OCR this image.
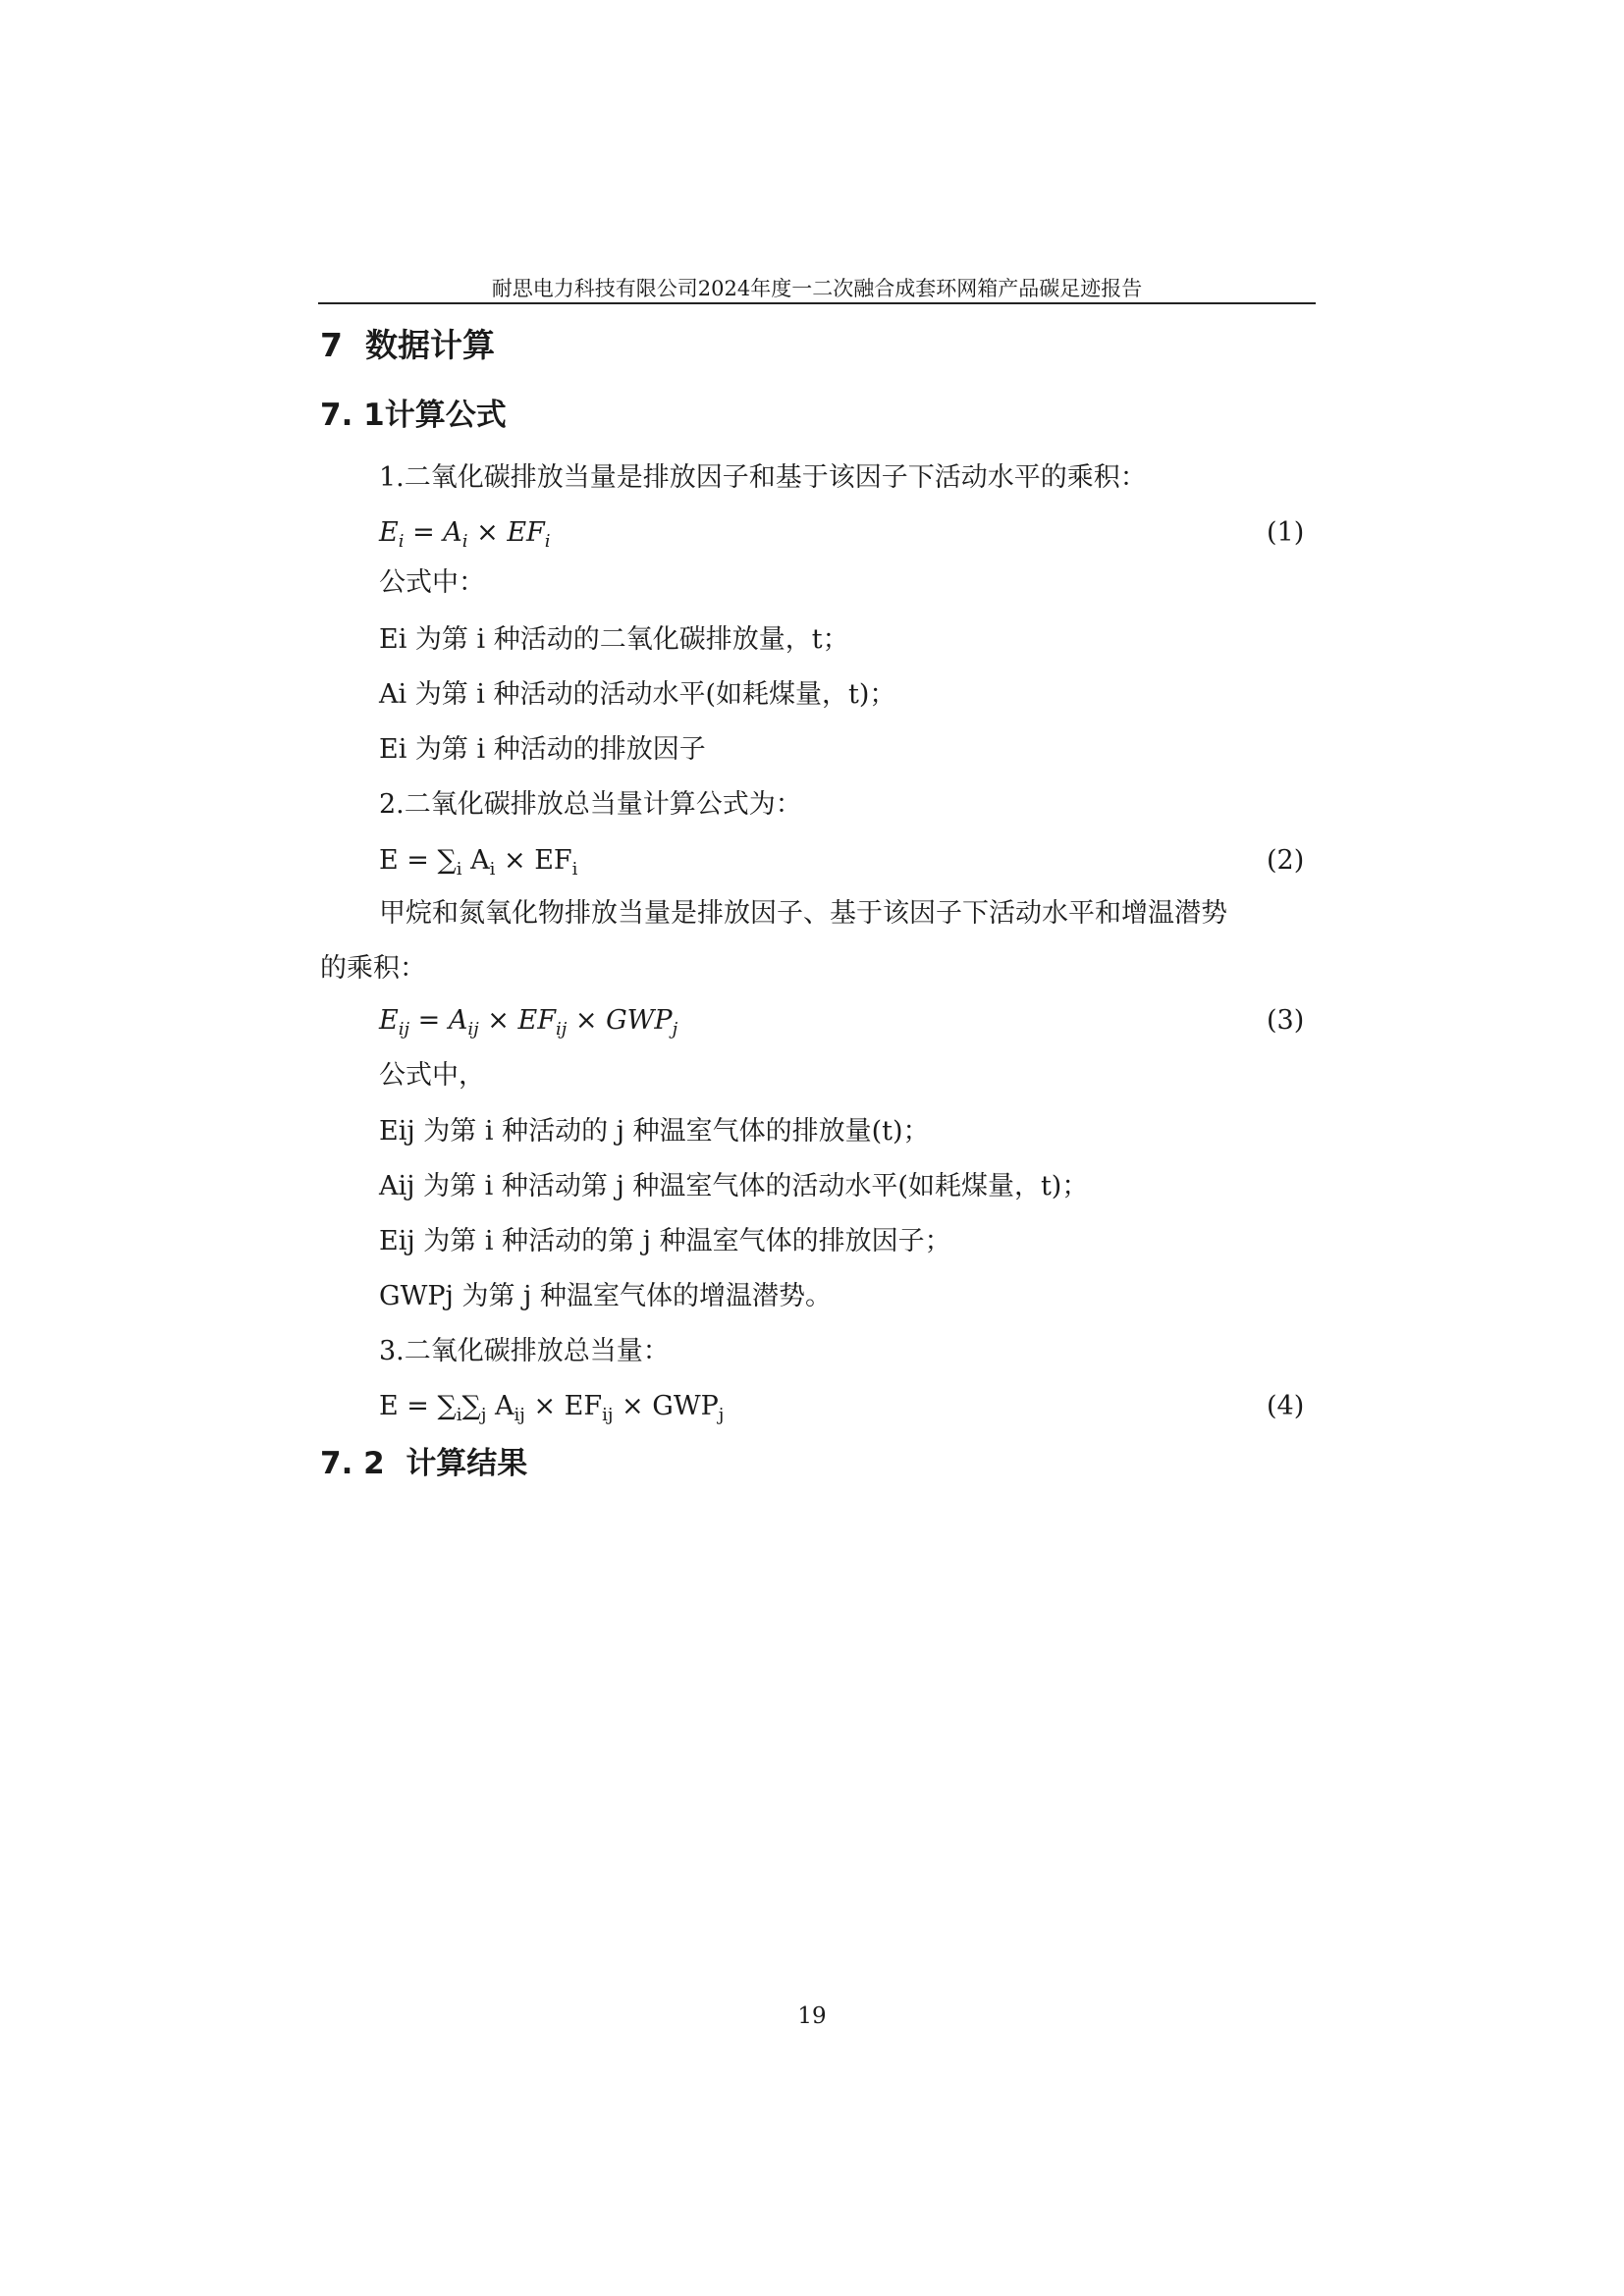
耐思电力科技有限公司2024年度一二次融合成套环网箱产品碳足迹报告
7 数据计算
7. 1计算公式
1.二氧化碳排放当量是排放因子和基于该因子下活动水平的乘积：
$E_i = A_i \times EF_i$	(1)
公式中：
Ei 为第 i 种活动的二氧化碳排放量，t；
Ai 为第 i 种活动的活动水平(如耗煤量，t)；
Ei 为第 i 种活动的排放因子
2.二氧化碳排放总当量计算公式为：
$E = \sum_i$ $A_i \times EF_i$	(2)
甲烷和氮氧化物排放当量是排放因子、基于该因子下活动水平和增温潜势
的乘积：
$E_{ij} = A_{ij} \times EF_{ij} \times GWP_j$	(3)
公式中，
Eij 为第 i 种活动的 j 种温室气体的排放量(t)；
Aij 为第 i 种活动第 j 种温室气体的活动水平(如耗煤量，t)；
Eij 为第 i 种活动的第 j 种温室气体的排放因子；
GWPj 为第 j 种温室气体的增温潜势。
3.二氧化碳排放总当量：
$E = \sum_i\sum_j$ $A_{ij} \times EF_{ij} \times GWP_j$	(4)
7. 2 计算结果
19
